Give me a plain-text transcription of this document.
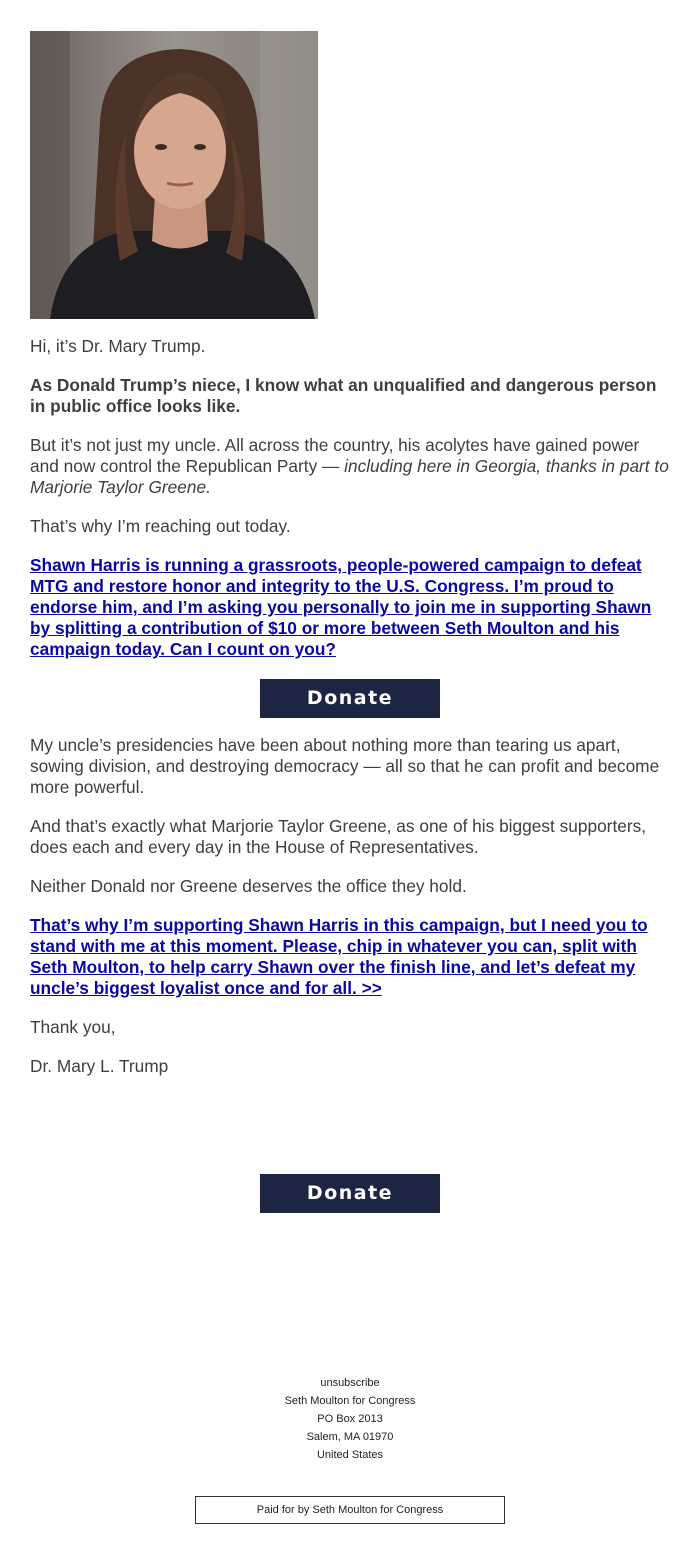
Hi, it’s Dr. Mary Trump.

As Donald Trump’s niece, I know what an unqualified and dangerous person in public office looks like.

But it’s not just my uncle. All across the country, his acolytes have gained power and now control the Republican Party — including here in Georgia, thanks in part to Marjorie Taylor Greene.

That’s why I’m reaching out today.

Shawn Harris is running a grassroots, people-powered campaign to defeat MTG and restore honor and integrity to the U.S. Congress. I’m proud to endorse him, and I’m asking you personally to join me in supporting Shawn by splitting a contribution of $10 or more between Seth Moulton and his campaign today. Can I count on you?

Donate

My uncle’s presidencies have been about nothing more than tearing us apart, sowing division, and destroying democracy — all so that he can profit and become more powerful.

And that’s exactly what Marjorie Taylor Greene, as one of his biggest supporters, does each and every day in the House of Representatives.

Neither Donald nor Greene deserves the office they hold.

That’s why I’m supporting Shawn Harris in this campaign, but I need you to stand with me at this moment. Please, chip in whatever you can, split with Seth Moulton, to help carry Shawn over the finish line, and let’s defeat my uncle’s biggest loyalist once and for all. >>

Thank you,

Dr. Mary L. Trump

Donate
unsubscribe
Seth Moulton for Congress
PO Box 2013
Salem, MA 01970
United States
Paid for by Seth Moulton for Congress
